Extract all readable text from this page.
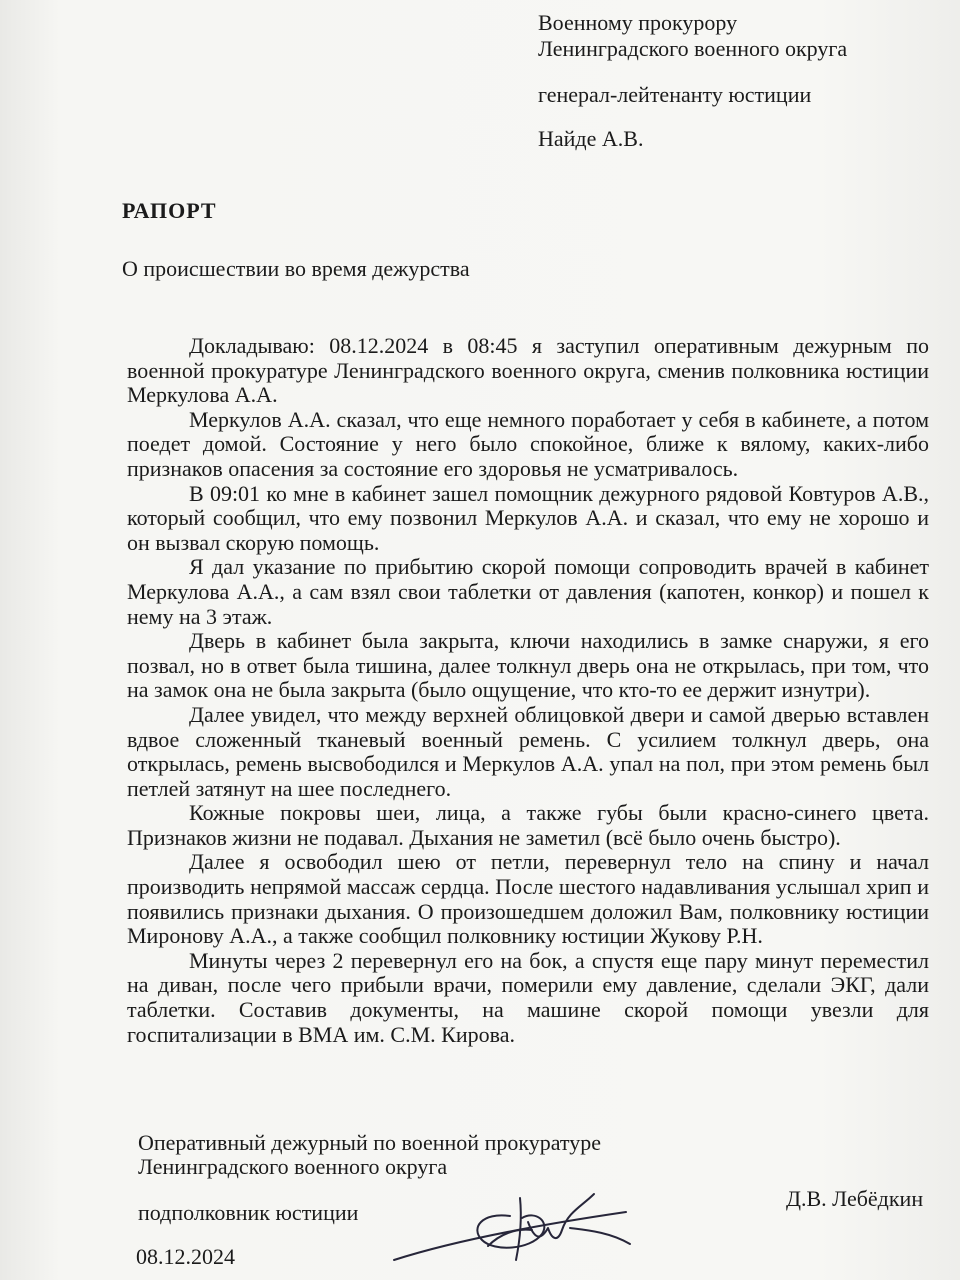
Военному прокурору
Ленинградского военного округа
генерал-лейтенанту юстиции
Найде А.В.
РАПОРТ
О происшествии во время дежурства

Докладываю: 08.12.2024 в 08:45 я заступил оперативным дежурным по военной прокуратуре Ленинградского военного округа, сменив полковника юстиции Меркулова А.А.

Меркулов А.А. сказал, что еще немного поработает у себя в кабинете, а потом поедет домой. Состояние у него было спокойное, ближе к вялому, каких-либо признаков опасения за состояние его здоровья не усматривалось.

В 09:01 ко мне в кабинет зашел помощник дежурного рядовой Ковтуров А.В., который сообщил, что ему позвонил Меркулов А.А. и сказал, что ему не хорошо и он вызвал скорую помощь.

Я дал указание по прибытию скорой помощи сопроводить врачей в кабинет Меркулова А.А., а сам взял свои таблетки от давления (капотен, конкор) и пошел к нему на 3 этаж.

Дверь в кабинет была закрыта, ключи находились в замке снаружи, я его позвал, но в ответ была тишина, далее толкнул дверь она не открылась, при том, что на замок она не была закрыта (было ощущение, что кто-то ее держит изнутри).

Далее увидел, что между верхней облицовкой двери и самой дверью вставлен вдвое сложенный тканевый военный ремень. С усилием толкнул дверь, она открылась, ремень высвободился и Меркулов А.А. упал на пол, при этом ремень был петлей затянут на шее последнего.

Кожные покровы шеи, лица, а также губы были красно-синего цвета. Признаков жизни не подавал. Дыхания не заметил (всё было очень быстро).

Далее я освободил шею от петли, перевернул тело на спину и начал производить непрямой массаж сердца. После шестого надавливания услышал хрип и появились признаки дыхания. О произошедшем доложил Вам, полковнику юстиции Миронову А.А., а также сообщил полковнику юстиции Жукову Р.Н.

Минуты через 2 перевернул его на бок, а спустя еще пару минут переместил на диван, после чего прибыли врачи, померили ему давление, сделали ЭКГ, дали таблетки. Составив документы, на машине скорой помощи увезли для госпитализации в ВМА им. С.М. Кирова.

Оперативный дежурный по военной прокуратуре
Ленинградского военного округа
подполковник юстиции
Д.В. Лебёдкин
08.12.2024
